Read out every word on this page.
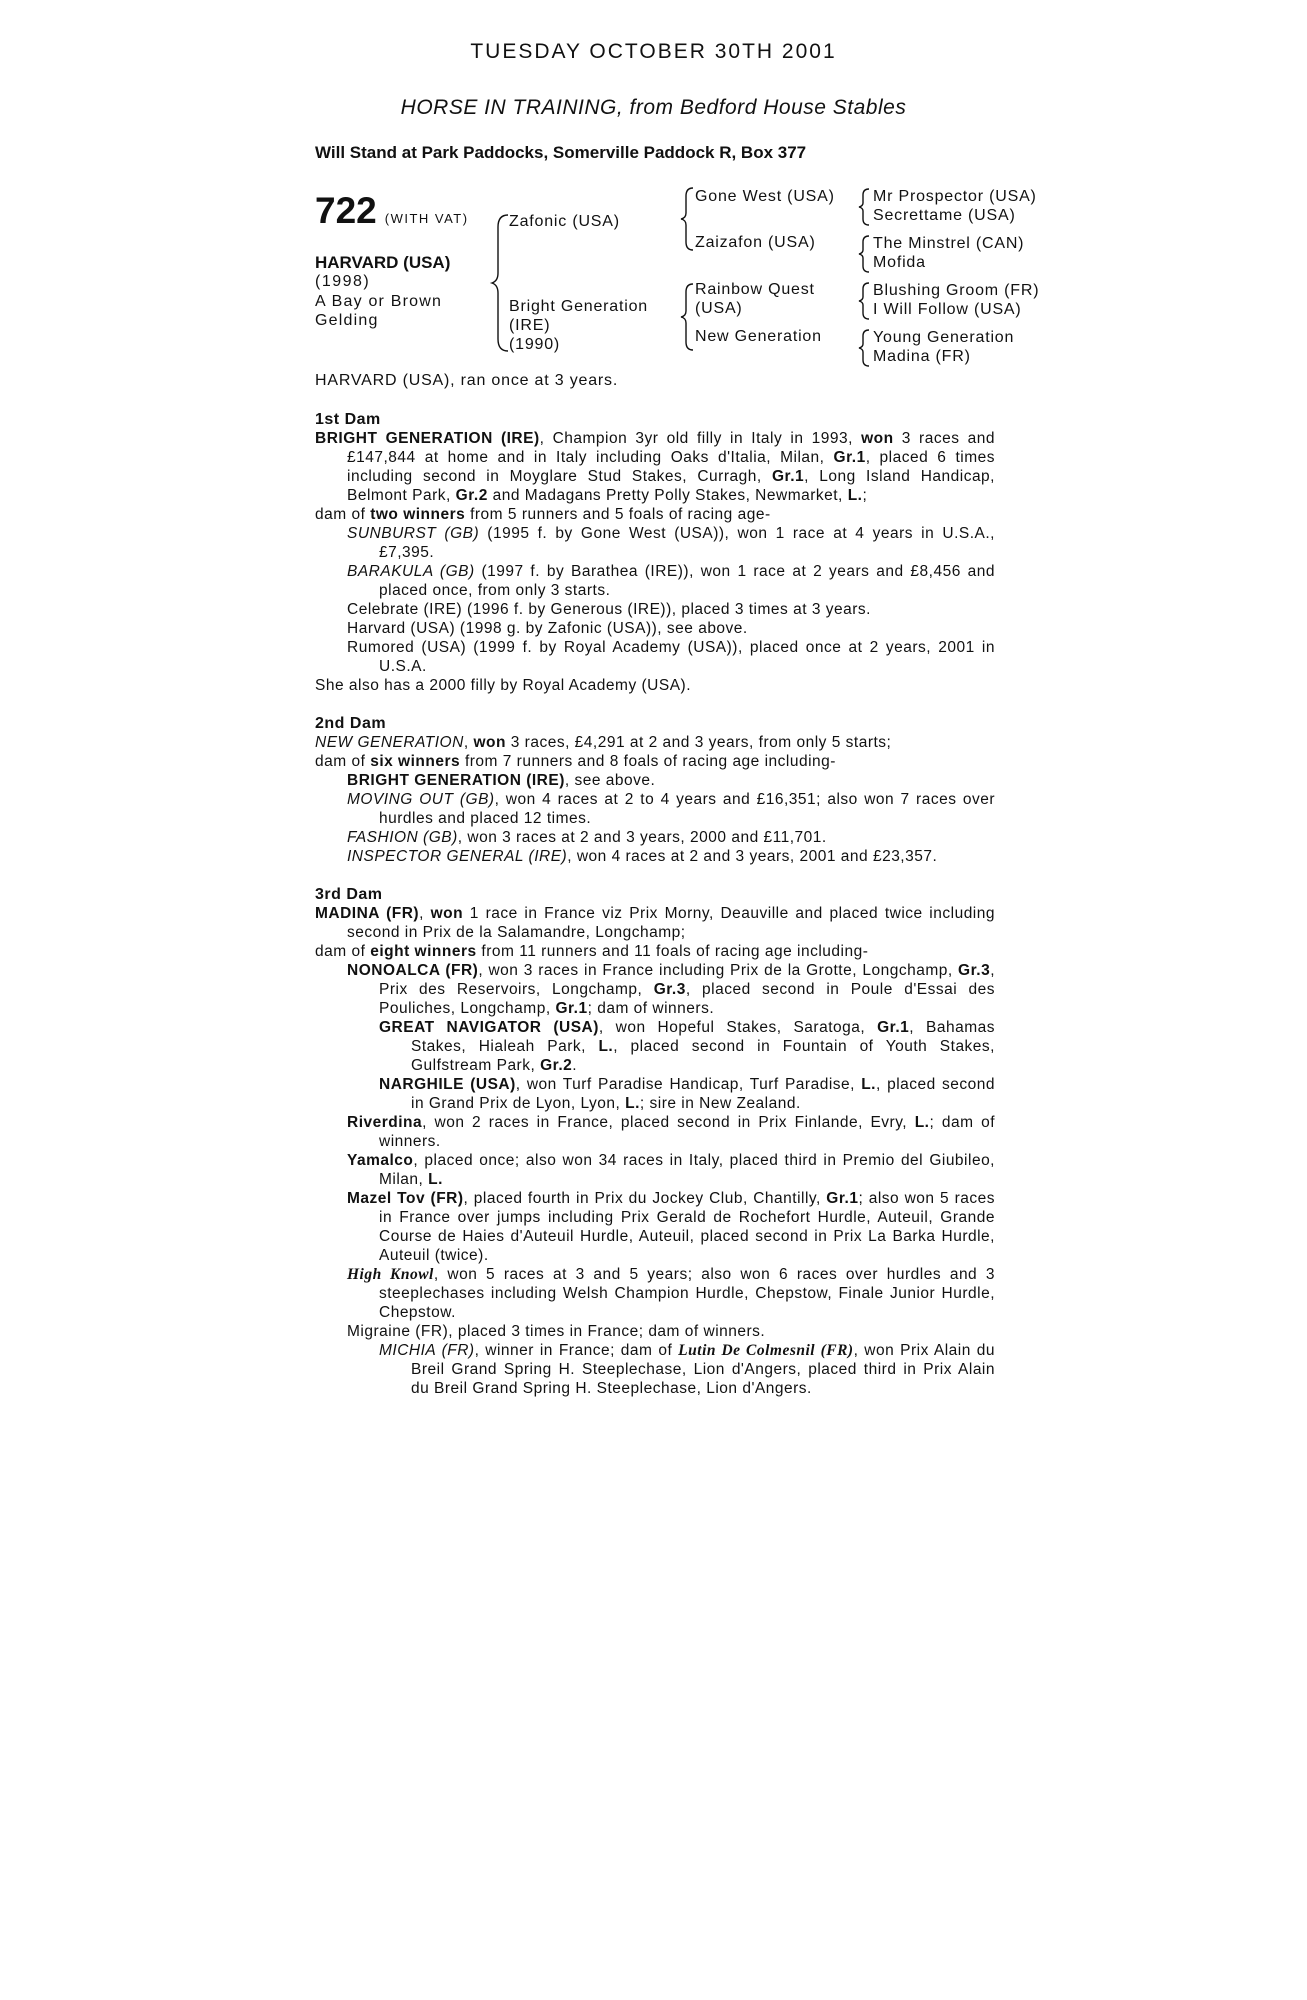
TUESDAY OCTOBER 30TH 2001
HORSE IN TRAINING, from Bedford House Stables
Will Stand at Park Paddocks, Somerville Paddock R, Box 377
722 (WITH VAT)
HARVARD (USA)
(1998)
A Bay or Brown Gelding
Zafonic (USA)
Bright Generation
(IRE)
(1990)
Gone West (USA)
Zaizafon (USA)
Rainbow Quest
(USA)
New Generation
Mr Prospector (USA)
Secrettame (USA)
The Minstrel (CAN)
Mofida
Blushing Groom (FR)
I Will Follow (USA)
Young Generation
Madina (FR)
HARVARD (USA), ran once at 3 years.
1st Dam
BRIGHT GENERATION (IRE), Champion 3yr old filly in Italy in 1993, won 3 races and £147,844 at home and in Italy including Oaks d'Italia, Milan, Gr.1, placed 6 times including second in Moyglare Stud Stakes, Curragh, Gr.1, Long Island Handicap, Belmont Park, Gr.2 and Madagans Pretty Polly Stakes, Newmarket, L.;
dam of two winners from 5 runners and 5 foals of racing age-
SUNBURST (GB) (1995 f. by Gone West (USA)), won 1 race at 4 years in U.S.A., £7,395.
BARAKULA (GB) (1997 f. by Barathea (IRE)), won 1 race at 2 years and £8,456 and placed once, from only 3 starts.
Celebrate (IRE) (1996 f. by Generous (IRE)), placed 3 times at 3 years.
Harvard (USA) (1998 g. by Zafonic (USA)), see above.
Rumored (USA) (1999 f. by Royal Academy (USA)), placed once at 2 years, 2001 in U.S.A.
She also has a 2000 filly by Royal Academy (USA).
2nd Dam
NEW GENERATION, won 3 races, £4,291 at 2 and 3 years, from only 5 starts;
dam of six winners from 7 runners and 8 foals of racing age including-
BRIGHT GENERATION (IRE), see above.
MOVING OUT (GB), won 4 races at 2 to 4 years and £16,351; also won 7 races over hurdles and placed 12 times.
FASHION (GB), won 3 races at 2 and 3 years, 2000 and £11,701.
INSPECTOR GENERAL (IRE), won 4 races at 2 and 3 years, 2001 and £23,357.
3rd Dam
MADINA (FR), won 1 race in France viz Prix Morny, Deauville and placed twice including second in Prix de la Salamandre, Longchamp;
dam of eight winners from 11 runners and 11 foals of racing age including-
NONOALCA (FR), won 3 races in France including Prix de la Grotte, Longchamp, Gr.3, Prix des Reservoirs, Longchamp, Gr.3, placed second in Poule d'Essai des Pouliches, Longchamp, Gr.1; dam of winners.
GREAT NAVIGATOR (USA), won Hopeful Stakes, Saratoga, Gr.1, Bahamas Stakes, Hialeah Park, L., placed second in Fountain of Youth Stakes, Gulfstream Park, Gr.2.
NARGHILE (USA), won Turf Paradise Handicap, Turf Paradise, L., placed second in Grand Prix de Lyon, Lyon, L.; sire in New Zealand.
Riverdina, won 2 races in France, placed second in Prix Finlande, Evry, L.; dam of winners.
Yamalco, placed once; also won 34 races in Italy, placed third in Premio del Giubileo, Milan, L.
Mazel Tov (FR), placed fourth in Prix du Jockey Club, Chantilly, Gr.1; also won 5 races in France over jumps including Prix Gerald de Rochefort Hurdle, Auteuil, Grande Course de Haies d'Auteuil Hurdle, Auteuil, placed second in Prix La Barka Hurdle, Auteuil (twice).
High Knowl, won 5 races at 3 and 5 years; also won 6 races over hurdles and 3 steeplechases including Welsh Champion Hurdle, Chepstow, Finale Junior Hurdle, Chepstow.
Migraine (FR), placed 3 times in France; dam of winners.
MICHIA (FR), winner in France; dam of Lutin De Colmesnil (FR), won Prix Alain du Breil Grand Spring H. Steeplechase, Lion d'Angers, placed third in Prix Alain du Breil Grand Spring H. Steeplechase, Lion d'Angers.
